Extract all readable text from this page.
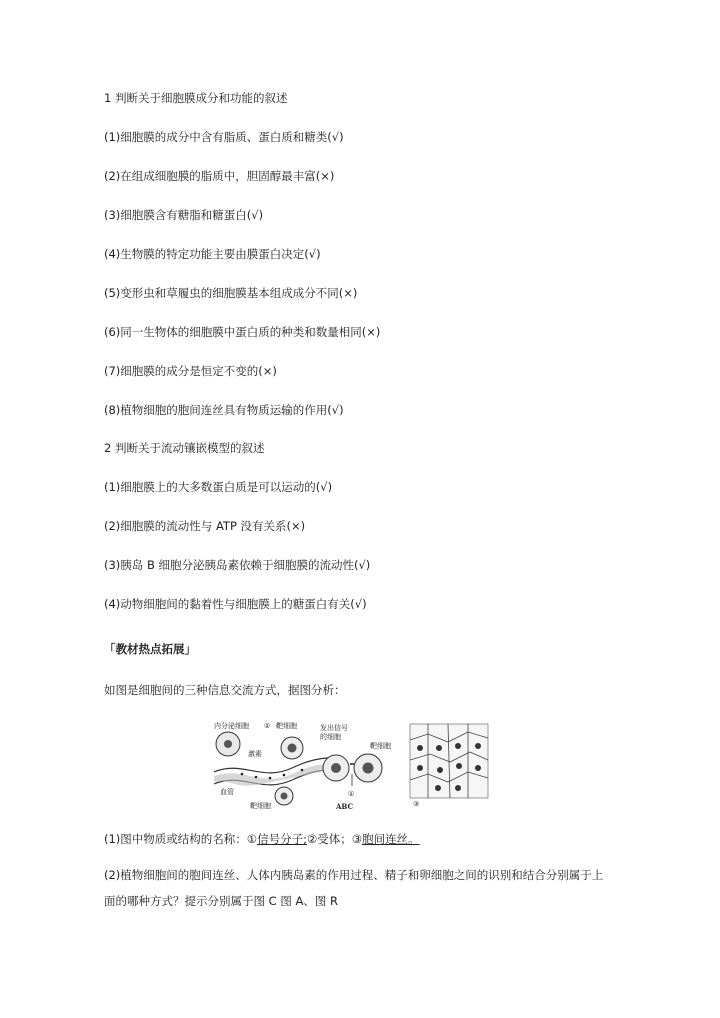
1 判断关于细胞膜成分和功能的叙述
(1)细胞膜的成分中含有脂质、蛋白质和糖类(√)
(2)在组成细胞膜的脂质中，胆固醇最丰富(×)
(3)细胞膜含有糖脂和糖蛋白(√)
(4)生物膜的特定功能主要由膜蛋白决定(√)
(5)变形虫和草履虫的细胞膜基本组成成分不同(×)
(6)同一生物体的细胞膜中蛋白质的种类和数量相同(×)
(7)细胞膜的成分是恒定不变的(×)
(8)植物细胞的胞间连丝具有物质运输的作用(√)
2 判断关于流动镶嵌模型的叙述
(1)细胞膜上的大多数蛋白质是可以运动的(√)
(2)细胞膜的流动性与 ATP 没有关系(×)
(3)胰岛 B 细胞分泌胰岛素依赖于细胞膜的流动性(√)
(4)动物细胞间的黏着性与细胞膜上的糖蛋白有关(√)
「教材热点拓展」
如图是细胞间的三种信息交流方式，据图分析：
内分泌细胞 ② 靶细胞
激素
血管
靶细胞
发出信号
的细胞
靶细胞
①
③
ABC
(1)图中物质或结构的名称：①信号分子;②受体；③胞间连丝。
(2)植物细胞间的胞间连丝、人体内胰岛素的作用过程、精子和卵细胞之间的识别和结合分别属于上
面的哪种方式？提示分别属于图 C 图 A、图 R
